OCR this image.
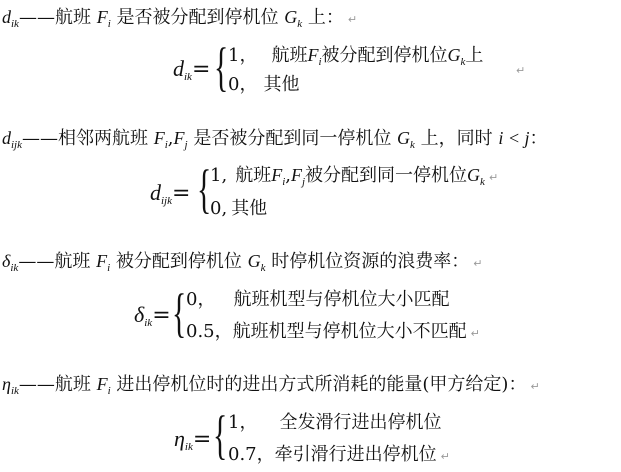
$d_{ik}——$航班 $F_i$ 是否被分配到停机位 $G_k$ 上： ↵
dik= { 1， 航班$F_i$被分配到停机位$G_k$上
0， 其他
↵
$d_{ijk}——$相邻两航班 $F_i,F_j$ 是否被分配到同一停机位 $G_k$ 上，同时 i < j：
dijk= {
1, 航班$F_i,F_j$被分配到同一停机位$G_k$ ↵
0, 其他
$\delta_{ik}——$航班 $F_i$ 被分配到停机位 $G_k$ 时停机位资源的浪费率： ↵
δik= { 0， 航班机型与停机位大小匹配
0.5，航班机型与停机位大小不匹配 ↵
$\eta_{ik}——$航班 $F_i$ 进出停机位时的进出方式所消耗的能量(甲方给定)： ↵
ηik= { 1， 全发滑行进出停机位
0.7，牵引滑行进出停机位 ↵
